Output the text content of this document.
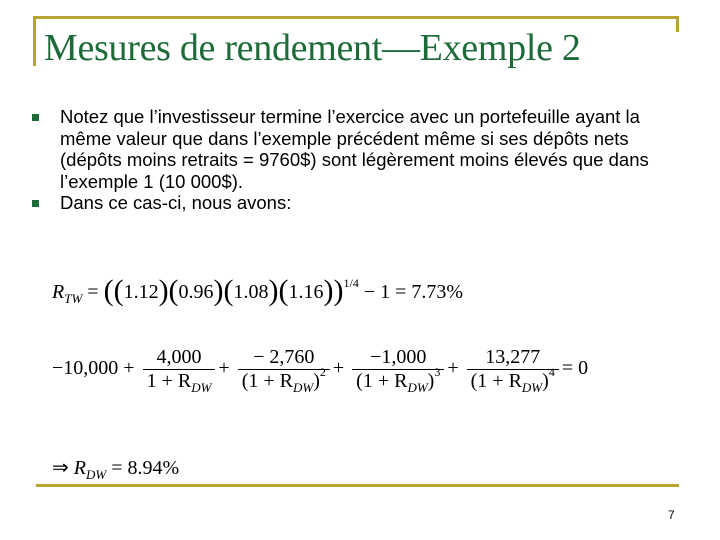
Mesures de rendement—Exemple 2
Notez que l’investisseur termine l’exercice avec un portefeuille ayant la même valeur que dans l’exemple précédent même si ses dépôts nets (dépôts moins retraits = 9760$) sont légèrement moins élevés que dans l’exemple 1 (10 000$).
Dans ce cas-ci, nous avons:
$R_{TW} = ((1.12)(0.96)(1.08)(1.16))^{1/4} - 1 = 7.73\%$
$-10,000 + \frac{4,000}{1 + R_{DW}} + \frac{- 2,760}{(1 + R_{DW})^2} + \frac{-1,000}{(1 + R_{DW})^3} + \frac{13,277}{(1 + R_{DW})^4} = 0$
⇒ $R_{DW} = 8.94\%$
7
